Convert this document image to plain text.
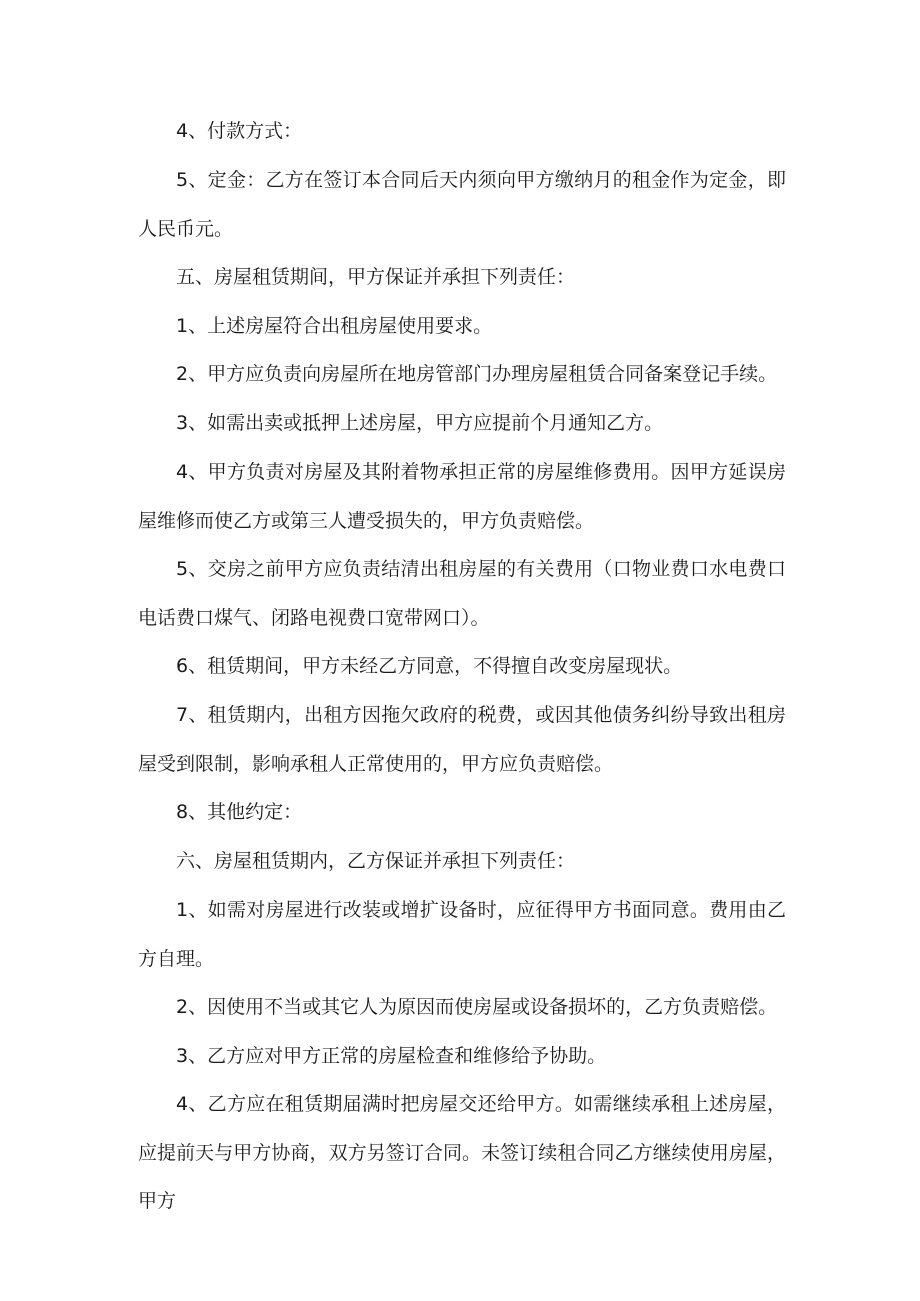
4、付款方式：

5、定金：乙方在签订本合同后天内须向甲方缴纳月的租金作为定金，即人民币元。

五、房屋租赁期间，甲方保证并承担下列责任：

1、上述房屋符合出租房屋使用要求。

2、甲方应负责向房屋所在地房管部门办理房屋租赁合同备案登记手续。

3、如需出卖或抵押上述房屋，甲方应提前个月通知乙方。

4、甲方负责对房屋及其附着物承担正常的房屋维修费用。因甲方延误房屋维修而使乙方或第三人遭受损失的，甲方负责赔偿。

5、交房之前甲方应负责结清出租房屋的有关费用（口物业费口水电费口电话费口煤气、闭路电视费口宽带网口）。

6、租赁期间，甲方未经乙方同意，不得擅自改变房屋现状。

7、租赁期内，出租方因拖欠政府的税费，或因其他债务纠纷导致出租房屋受到限制，影响承租人正常使用的，甲方应负责赔偿。

8、其他约定：

六、房屋租赁期内，乙方保证并承担下列责任：

1、如需对房屋进行改装或增扩设备时，应征得甲方书面同意。费用由乙方自理。

2、因使用不当或其它人为原因而使房屋或设备损坏的，乙方负责赔偿。

3、乙方应对甲方正常的房屋检查和维修给予协助。

4、乙方应在租赁期届满时把房屋交还给甲方。如需继续承租上述房屋，应提前天与甲方协商，双方另签订合同。未签订续租合同乙方继续使用房屋，甲方
